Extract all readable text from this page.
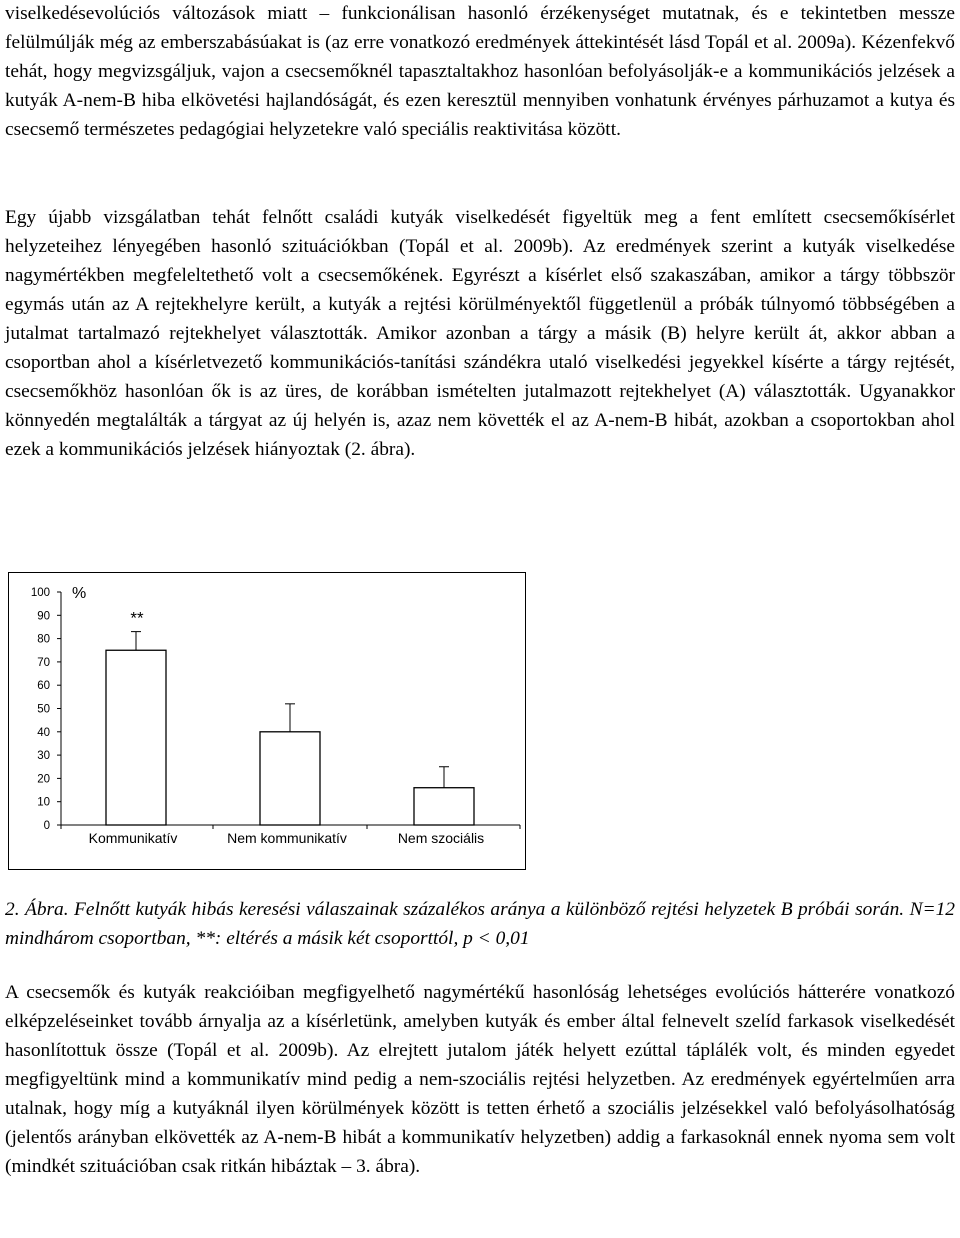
viselkedésevolúciós változások miatt – funkcionálisan hasonló érzékenységet mutatnak, és e tekintetben messze felülmúlják még az emberszabásúakat is (az erre vonatkozó eredmények áttekintését lásd Topál et al. 2009a). Kézenfekvő tehát, hogy megvizsgáljuk, vajon a csecsemőknél tapasztaltakhoz hasonlóan befolyásolják-e a kommunikációs jelzések a kutyák A-nem-B hiba elkövetési hajlandóságát, és ezen keresztül mennyiben vonhatunk érvényes párhuzamot a kutya és csecsemő természetes pedagógiai helyzetekre való speciális reaktivitása között.

Egy újabb vizsgálatban tehát felnőtt családi kutyák viselkedését figyeltük meg a fent említett csecsemőkísérlet helyzeteihez lényegében hasonló szituációkban (Topál et al. 2009b). Az eredmények szerint a kutyák viselkedése nagymértékben megfeleltethető volt a csecsemőkének. Egyrészt a kísérlet első szakaszában, amikor a tárgy többször egymás után az A rejtekhelyre került, a kutyák a rejtési körülményektől függetlenül a próbák túlnyomó többségében a jutalmat tartalmazó rejtekhelyet választották. Amikor azonban a tárgy a másik (B) helyre került át, akkor abban a csoportban ahol a kísérletvezető kommunikációs-tanítási szándékra utaló viselkedési jegyekkel kísérte a tárgy rejtését, csecsemőkhöz hasonlóan ők is az üres, de korábban ismételten jutalmazott rejtekhelyet (A) választották. Ugyanakkor könnyedén megtalálták a tárgyat az új helyén is, azaz nem követték el az A-nem-B hibát, azokban a csoportokban ahol ezek a kommunikációs jelzések hiányoztak (2. ábra).

0
10
20
30
40
50
60
70
80
90
100 %
**
Kommunikatív	Nem kommunikatív	Nem szociális

2. Ábra. Felnőtt kutyák hibás keresési válaszainak százalékos aránya a különböző rejtési helyzetek B próbái során. N=12 mindhárom csoportban, **: eltérés a másik két csoporttól, p < 0,01

A csecsemők és kutyák reakcióiban megfigyelhető nagymértékű hasonlóság lehetséges evolúciós hátterére vonatkozó elképzeléseinket tovább árnyalja az a kísérletünk, amelyben kutyák és ember által felnevelt szelíd farkasok viselkedését hasonlítottuk össze (Topál et al. 2009b). Az elrejtett jutalom játék helyett ezúttal táplálék volt, és minden egyedet megfigyeltünk mind a kommunikatív mind pedig a nem-szociális rejtési helyzetben. Az eredmények egyértelműen arra utalnak, hogy míg a kutyáknál ilyen körülmények között is tetten érhető a szociális jelzésekkel való befolyásolhatóság (jelentős arányban elkövették az A-nem-B hibát a kommunikatív helyzetben) addig a farkasoknál ennek nyoma sem volt (mindkét szituációban csak ritkán hibáztak – 3. ábra).
